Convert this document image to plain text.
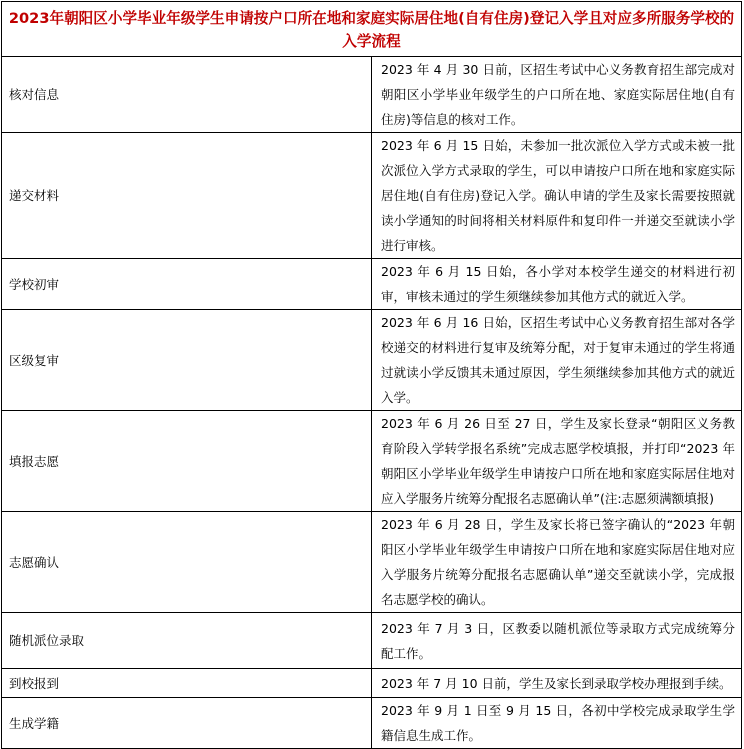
2023年朝阳区小学毕业年级学生申请按户口所在地和家庭实际居住地(自有住房)登记入学且对应多所服务学校的入学流程	
核对信息	2023 年 4 月 30 日前，区招生考试中心义务教育招生部完成对朝阳区小学毕业年级学生的户口所在地、家庭实际居住地(自有住房)等信息的核对工作。
递交材料	2023 年 6 月 15 日始，未参加一批次派位入学方式或未被一批次派位入学方式录取的学生，可以申请按户口所在地和家庭实际居住地(自有住房)登记入学。确认申请的学生及家长需要按照就读小学通知的时间将相关材料原件和复印件一并递交至就读小学进行审核。
学校初审	2023 年 6 月 15 日始，各小学对本校学生递交的材料进行初审，审核未通过的学生须继续参加其他方式的就近入学。
区级复审	2023 年 6 月 16 日始，区招生考试中心义务教育招生部对各学校递交的材料进行复审及统筹分配，对于复审未通过的学生将通过就读小学反馈其未通过原因，学生须继续参加其他方式的就近入学。
填报志愿	2023 年 6 月 26 日至 27 日，学生及家长登录“朝阳区义务教育阶段入学转学报名系统”完成志愿学校填报，并打印“2023 年朝阳区小学毕业年级学生申请按户口所在地和家庭实际居住地对应入学服务片统筹分配报名志愿确认单”(注:志愿须满额填报)
志愿确认	2023 年 6 月 28 日，学生及家长将已签字确认的“2023 年朝阳区小学毕业年级学生申请按户口所在地和家庭实际居住地对应入学服务片统筹分配报名志愿确认单”递交至就读小学，完成报名志愿学校的确认。
随机派位录取	2023 年 7 月 3 日，区教委以随机派位等录取方式完成统筹分配工作。
到校报到	2023 年 7 月 10 日前，学生及家长到录取学校办理报到手续。
生成学籍	2023 年 9 月 1 日至 9 月 15 日，各初中学校完成录取学生学籍信息生成工作。
